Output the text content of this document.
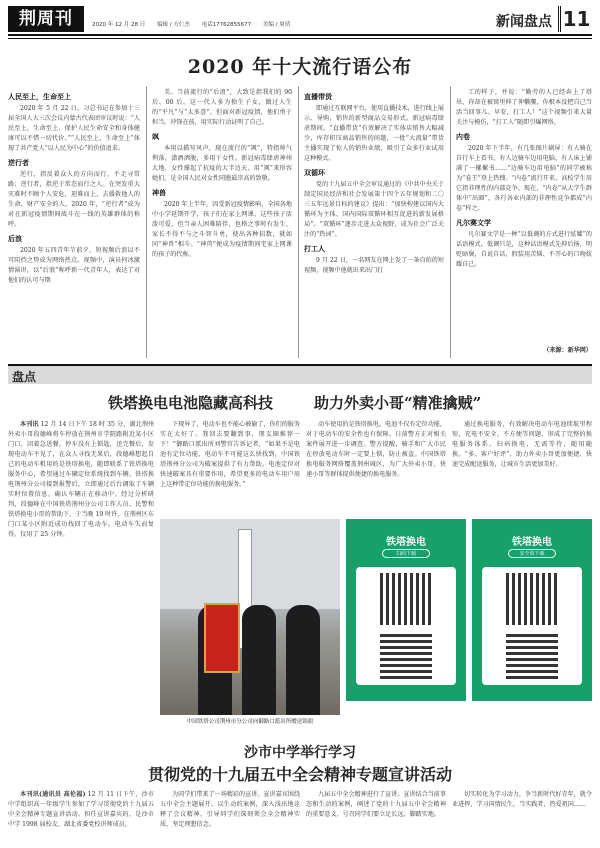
荆周刊	2020 年 12 月 28 日 编辑 / 方仁杰 电话17762855677 美编 / 周倩	新闻盘点 11
2020 年十大流行语公布
人民至上，生命至上

2020 年 5 月 22 日，习总书记在参加十三届全国人大三次会议内蒙古代表团审议时说：“人民至上，生命至上，保护人民生命安全和身体健康可以不惜一切代价。”“人民至上，生命至上”体现了共产党人“以人民为中心”的价值追求。

逆行者

逆行，指反着众人的方向而行，不走寻常路；逆行者，指逆于常态而行之人。在突发重大灾难时不顾个人安危，迎难而上，去援救他人的生命、财产安全的人。2020 年，“逆行者”成为对在新冠疫情期间战斗在一线的英雄群体的称呼。

后浪

2020 年五四青年节前夕，短视频后浪以不可阻挡之势成为网络热点。视频中，演员何冰激情演讲，以“后浪”称呼新一代青年人，表达了对他们的认可与期

美。当前流行的“后浪”，大致是指我们的 90 后、00 后。这一代人多为独生子女，做过人生的“平凡”与“太多意”，但面对新冠疫情，他们勇于担当，冲锋在前，用实际行动证明了自己。

飒

本用以描写风声，现在流行的“飒”，特指帅气利落，潇洒洒脱，多用于女性。新冠病毒肆虐神州大地，女性撑起了抗疫的大半边天，用“飒”来形容她们，是全国人民对女性同胞最崇高的致敬。

神兽

2020 年上半年，因受新冠疫情影响，全国各地中小学延期开学，孩子们在家上网课。这些孩子活泼可爱，但当亲人困难陪伴，也格之事时有发生，家长不得不与之斗智斗勇，使出各种招数，就如同“神兽”相斗。“神兽”便成为疫情期间宅家上网课的孩子的代称。

直播带货

即通过互联网平台，使用直播技术，进行线上展示、导购，销售的新型商品交易形式。新冠病毒肆虐期间，“直播带货”有效解决了实体店销售大幅减少，库存积压商品销售的问题，一批“大流量”带货主播实现了惊人的销售业绩，吸引了众多行业试用这种模式。

双循环

党的十九届五中全会审议通过的《中共中央关于制定国民经济和社会发展第十四个五年规划和二〇三五年远景目标的建议》提出：“加快构建以国内大循环为主体、国内国际双循环相互促进的新发展格局”。“双循环”逐步走进大众视野，成为社会广泛关注的“热词”。

打工人

9 月 22 日，一名网友在网上发了一条自拍的短视频，视频中他就出来出门打

工的样子，并说：“勤劳的人已经奔上了塔吊，你却在被窝里伸了伸懒腰，你根本没把自己当活当回事儿。早安，打工人！”这个视频引来大量关注与模仿，“打工人”随即引爆网络。

内卷

2020 年下半年，有几张图片刷屏：有人骑在自行车上看书，有人边骑车边用电脑，有人床上铺满了一摞摞书……“边骑车边用电脑”的同学被称为“卷王”登上热搜。“内卷”流行开来，高校学生用它指非理性的内部竞争。现在，“内卷”从大学生群体中“出圈”，各行各业内部的非理性竞争都成“内卷”样之。

凡尔赛文学

凡尔赛文学是一种“以低调的方式进行炫耀”的话语模式。低调只是，这种话语模式先抑后扬，明贬暗褒，自说自话，假装用苦恼、不开心的口吻炫耀自己。

（来源：新华网）
盘点
铁塔换电电池隐藏高科技	助力外卖小哥“精准擒贼”

本刊讯 12 月 14 日下午 18 时 35 分，湖北荆州外卖小哥段德峰将车停放在荆州市学院路附近某小区门口，因着急送餐，停车没有上锁匙，送完餐后，发现电动车不见了，在众人寻找无果后，段德峰想起自己的电动车租用的是铁塔换电，随即联系了铁塔换电服务中心，希望通过车辆定位系统找到车辆。铁塔换电荆州分公司接到报警后，立即通过后台调取了车辆实时位置信息，确认车辆正在移动中。经过分析研判，段德峰在中国铁塔荆州分公司工作人员、民警和铁塔换电小哥的帮助下，于当晚 19 时许，在荆州区东门口某小区附近成功找回了电动车。电动车失而复得，仅用了 25 分钟。

下现异了，电动车也不能心被偷了，你们的服务实在太好了。我回去要翻到事，朋友圈推荐一下！”御路口派出所刘警官告诉记者，“如果不是电池有定位功能，电动车不可能这么快找到，中国铁塔荆州分公司为破案提供了有力帮助。电池定位对快速破案具有重要作用，希望更多的电动车用户用上这种带定位功能的换电服务。”

动车使用的是铁塔换电。电池不仅有定位功能，对于电动车的安全性也有保障。日前警方正对相关案件展开进一步调查。警方提醒，骑手和广大市民在停放电动车时一定要上锁，防止被盗。中国铁塔换电服务网络覆盖荆州城区，为广大外卖小哥、快递小哥等群体提供便捷的换电服务。

通过换电服务，有效解决电动车电池续航里程短、充电不安全、不方便等问题，形成了完整的换电服务体系。扫码换电，无需等待，随用随换。“多、客户好评”，助力外卖小哥更加便捷、快速完成配送服务，让城市生活更加美好。

中国铁塔公司荆州市分公司向御路口派出所赠送锦旗
铁塔换电
扫码下载
铁塔换电
安全放下载
沙市中学举行学习
贯彻党的十九届五中全会精神专题宣讲活动

本刊讯(通讯员 高伦福) 12 月 11 日下午，沙市中学组织高一年级学生参加了学习贯彻党的十九届五中全会精神专题宣讲活动。担任宣讲嘉宾的，是沙市中学 1998 届校友、湖北省委党校讲师成员，

为同学们带来了一场精彩的宣讲。宣讲嘉宾围绕五中全会主题展开，以生动的案例，深入浅出地诠释了会议精神，引导同学们深刻领会全会精神实质，坚定理想信念。

九届五中全会精神进行了宣讲。宣讲结合当前事态和生动的案例，阐述了党的十九届五中全会精神的重要意义，号召同学们要立足长远，脚踏实地。

切实转化为学习动力，争当新时代好青年，就令业进挥，学习国情民生，当实践者，热爱祖国……
